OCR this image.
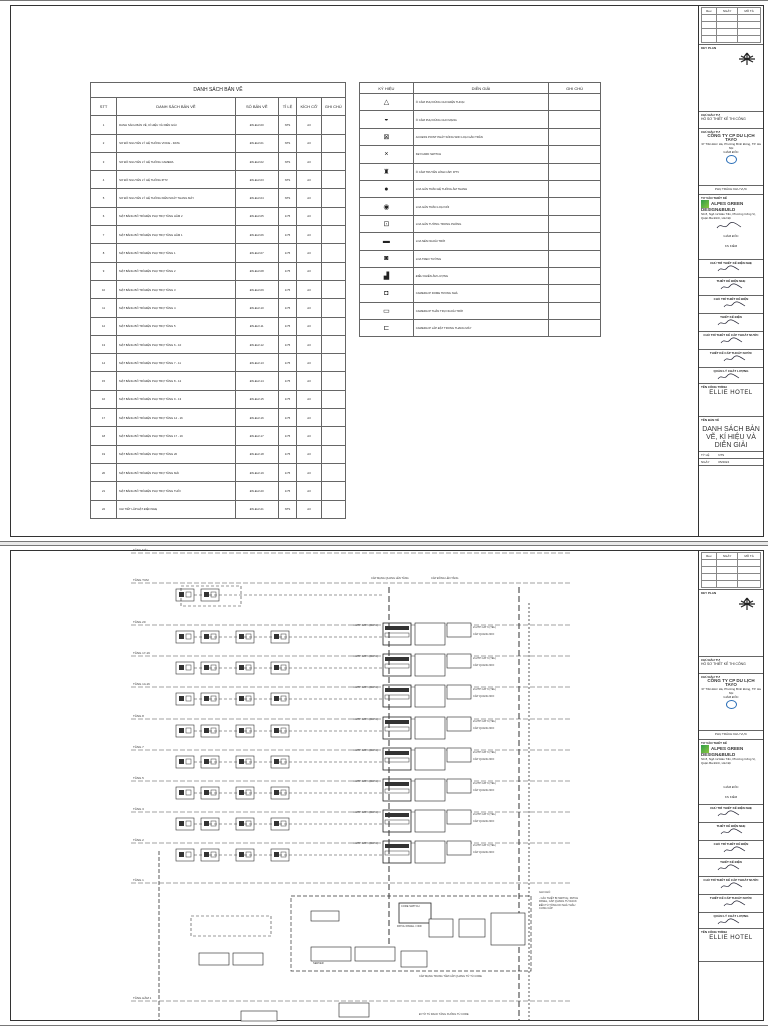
DANH SÁCH BẢN VẼ					
STT	DANH SÁCH BẢN VẼ	SỐ BẢN VẼ	TỈ LỆ	KÍCH CỠ	GHI CHÚ
1	DANH SÁCH BẢN VẼ, KÍ HIỆU VÀ DIỄN GIẢI	ĐN-ELV-00	NTS	A3	
2	SƠ ĐỒ NGUYÊN LÝ HỆ THỐNG VOICE - DATA	ĐN-ELV-01	NTS	A3	
3	SƠ ĐỒ NGUYÊN LÝ HỆ THỐNG CAMERA	ĐN-ELV-02	NTS	A3	
4	SƠ ĐỒ NGUYÊN LÝ HỆ THỐNG IPTV	ĐN-ELV-03	NTS	A3	
5	SƠ ĐỒ NGUYÊN LÝ HỆ THỐNG KIỂM SOÁT THANG MÁY	ĐN-ELV-04	NTS	A3	
6	MẶT BẰNG BỐ TRÍ ĐIỆN PHỤ TRỢ TẦNG HẦM 2	ĐN-ELV-05	1/75	A3	
7	MẶT BẰNG BỐ TRÍ ĐIỆN PHỤ TRỢ TẦNG HẦM 1	ĐN-ELV-06	1/75	A3	
8	MẶT BẰNG BỐ TRÍ ĐIỆN PHỤ TRỢ TẦNG 1	ĐN-ELV-07	1/75	A3	
9	MẶT BẰNG BỐ TRÍ ĐIỆN PHỤ TRỢ TẦNG 2	ĐN-ELV-08	1/75	A3	
10	MẶT BẰNG BỐ TRÍ ĐIỆN PHỤ TRỢ TẦNG 3	ĐN-ELV-09	1/75	A3	
11	MẶT BẰNG BỐ TRÍ ĐIỆN PHỤ TRỢ TẦNG 4	ĐN-ELV-10	1/75	A3	
12	MẶT BẰNG BỐ TRÍ ĐIỆN PHỤ TRỢ TẦNG 5	ĐN-ELV-11	1/75	A3	
13	MẶT BẰNG BỐ TRÍ ĐIỆN PHỤ TRỢ TẦNG 6 - 10	ĐN-ELV-12	1/75	A3	
14	MẶT BẰNG BỐ TRÍ ĐIỆN PHỤ TRỢ TẦNG 7 - 11	ĐN-ELV-13	1/75	A3	
15	MẶT BẰNG BỐ TRÍ ĐIỆN PHỤ TRỢ TẦNG 8 - 12	ĐN-ELV-14	1/75	A3	
16	MẶT BẰNG BỐ TRÍ ĐIỆN PHỤ TRỢ TẦNG 9 - 13	ĐN-ELV-15	1/75	A3	
17	MẶT BẰNG BỐ TRÍ ĐIỆN PHỤ TRỢ TẦNG 14 - 16	ĐN-ELV-16	1/75	A3	
18	MẶT BẰNG BỐ TRÍ ĐIỆN PHỤ TRỢ TẦNG 17 - 19	ĐN-ELV-17	1/75	A3	
19	MẶT BẰNG BỐ TRÍ ĐIỆN PHỤ TRỢ TẦNG 20	ĐN-ELV-18	1/75	A3	
20	MẶT BẰNG BỐ TRÍ ĐIỆN PHỤ TRỢ TẦNG MÁI	ĐN-ELV-19	1/75	A3	
21	MẶT BẰNG BỐ TRÍ ĐIỆN PHỤ TRỢ TẦNG THÔI	ĐN-ELV-20	1/75	A3	
22	CHI TIẾT LẮP ĐẶT ĐIỆN NHẸ	ĐN-ELV-21	NTS	A3	
KÝ HIỆU	DIỄN GIẢI	GHI CHÚ
△	Ổ CẮM PHỤ DÙNG CHO ĐIỆN THOẠI	
◒	Ổ CẮM PHỤ DÙNG CHO MẠNG	
⊠	ACCESS POINT PHÁT SÓNG WIFI LOẠI GẮN TRẦN	
×	KEYCARD SWITCH	
♜	Ổ CẮM TRUYỀN HÌNH CÁP/ IPTV	
●	LOA GẮN TRẦN HỆ THỐNG ÂM THANH	
◉	LOA GẮN TRẦN LOẠI NỔI	
⊡	LOA GẮN TƯỜNG TRONG PHÒNG	
▬	LOA NÉN NGOÀI TRỜI	
◙	LOA TREO TƯỜNG	
▟	ĐIỀU KHIỂN ÂM LƯỢNG	
◘	CAMERA IP DOME TRONG NHÀ	
▭	CAMERA IP THÂN TRỤ NGOÀI TRỜI	
⊏	CAMERA IP LẮP ĐẶT TRONG THANG MÁY	
Rev.	NGÀY	MÔ TẢ

KEY PLAN
CHỦ ĐẦU TƯ
HỒ SƠ THIẾT KẾ THI CÔNG
CHỦ ĐẦU TƯ
CÔNG TY CP DU LỊCH TAYO
37 Trần Đức Hà, Phường Bình Đông, TP. Hà Nội
GIÁM ĐỐC
PHỤ TRÁCH KHU VỰC
TƯ VẤN THIẾT KẾ
ALPES GREEN DESIGN&BUILD
Số 8, Ngõ 12 Đào Tấn, Phường Cống Vị, Quận Ba Đình, Hà Nội
GIÁM ĐỐC
KS KIỂM
CHỦ TRÌ THIẾT KẾ ĐIỆN NHẸ
THIẾT KẾ ĐIỆN NHẸ
CHỦ TRÌ THIẾT KẾ ĐIỆN
THIẾT KẾ ĐIỆN
CHỦ TRÌ THIẾT KẾ CẤP THOÁT NƯỚC
THIẾT KẾ CẤP THOÁT NƯỚC
QUẢN LÝ CHẤT LƯỢNG
TÊN CÔNG TRÌNH
ELLIE HOTEL
TÊN BẢN VẼ
DANH SÁCH BẢN VẼ, KÍ HIỆU VÀ DIỄN GIẢI
TỶ LỆ	NTS
NGÀY	05/2024
TẦNG MÁI
TẦNG TUM
TẦNG 20
TẦNG 17-19
TẦNG 14-16
TẦNG 8
TẦNG 7
TẦNG 5
TẦNG 3
TẦNG 2
TẦNG 1
TẦNG HẦM 1
CÁP MẠNG QUANG LÊN TẦNG	CÁP ĐỒNG LÊN TẦNG
4xUTP CAT 6 (DATA)
2xUTP CAT 6 (TEL)
CÁP QUANG 6FO
4xUTP CAT 6 (DATA)
2xUTP CAT 6 (TEL)
CÁP QUANG 6FO
4xUTP CAT 6 (DATA)
2xUTP CAT 6 (TEL)
CÁP QUANG 6FO
4xUTP CAT 6 (DATA)
2xUTP CAT 6 (TEL)
CÁP QUANG 6FO
4xUTP CAT 6 (DATA)
2xUTP CAT 6 (TEL)
CÁP QUANG 6FO
4xUTP CAT 6 (DATA)
2xUTP CAT 6 (TEL)
CÁP QUANG 6FO
4xUTP CAT 6 (DATA)
2xUTP CAT 6 (TEL)
CÁP QUANG 6FO
4xUTP CAT 6 (DATA)
2xUTP CAT 6 (TEL)
CÁP QUANG 6FO
CORE SWITCH
PATCH PANEL / ODF
SERVER
GHI CHÚ:
- CÁC THIẾT BỊ SWITCH, PATCH PANEL, CÁP QUANG TỪ RACK ĐẾN TỦ TỔNG DO NHÀ THẦU CUNG CẤP
CÁP MẠNG TRUNG TÂM CẤP QUANG TỪ TỦ CORE
ĐI TỪ TỦ RACK TẦNG XUỐNG TỦ CORE
Rev.	NGÀY	MÔ TẢ

KEY PLAN
CHỦ ĐẦU TƯ
HỒ SƠ THIẾT KẾ THI CÔNG
CHỦ ĐẦU TƯ
CÔNG TY CP DU LỊCH TAYO
37 Trần Đức Hà, Phường Bình Đông, TP. Hà Nội
GIÁM ĐỐC
PHỤ TRÁCH KHU VỰC
TƯ VẤN THIẾT KẾ
ALPES GREEN DESIGN&BUILD
Số 8, Ngõ 12 Đào Tấn, Phường Cống Vị, Quận Ba Đình, Hà Nội
GIÁM ĐỐC
KS KIỂM
CHỦ TRÌ THIẾT KẾ ĐIỆN NHẸ
THIẾT KẾ ĐIỆN NHẸ
CHỦ TRÌ THIẾT KẾ ĐIỆN
THIẾT KẾ ĐIỆN
CHỦ TRÌ THIẾT KẾ CẤP THOÁT NƯỚC
THIẾT KẾ CẤP THOÁT NƯỚC
QUẢN LÝ CHẤT LƯỢNG
TÊN CÔNG TRÌNH
ELLIE HOTEL
